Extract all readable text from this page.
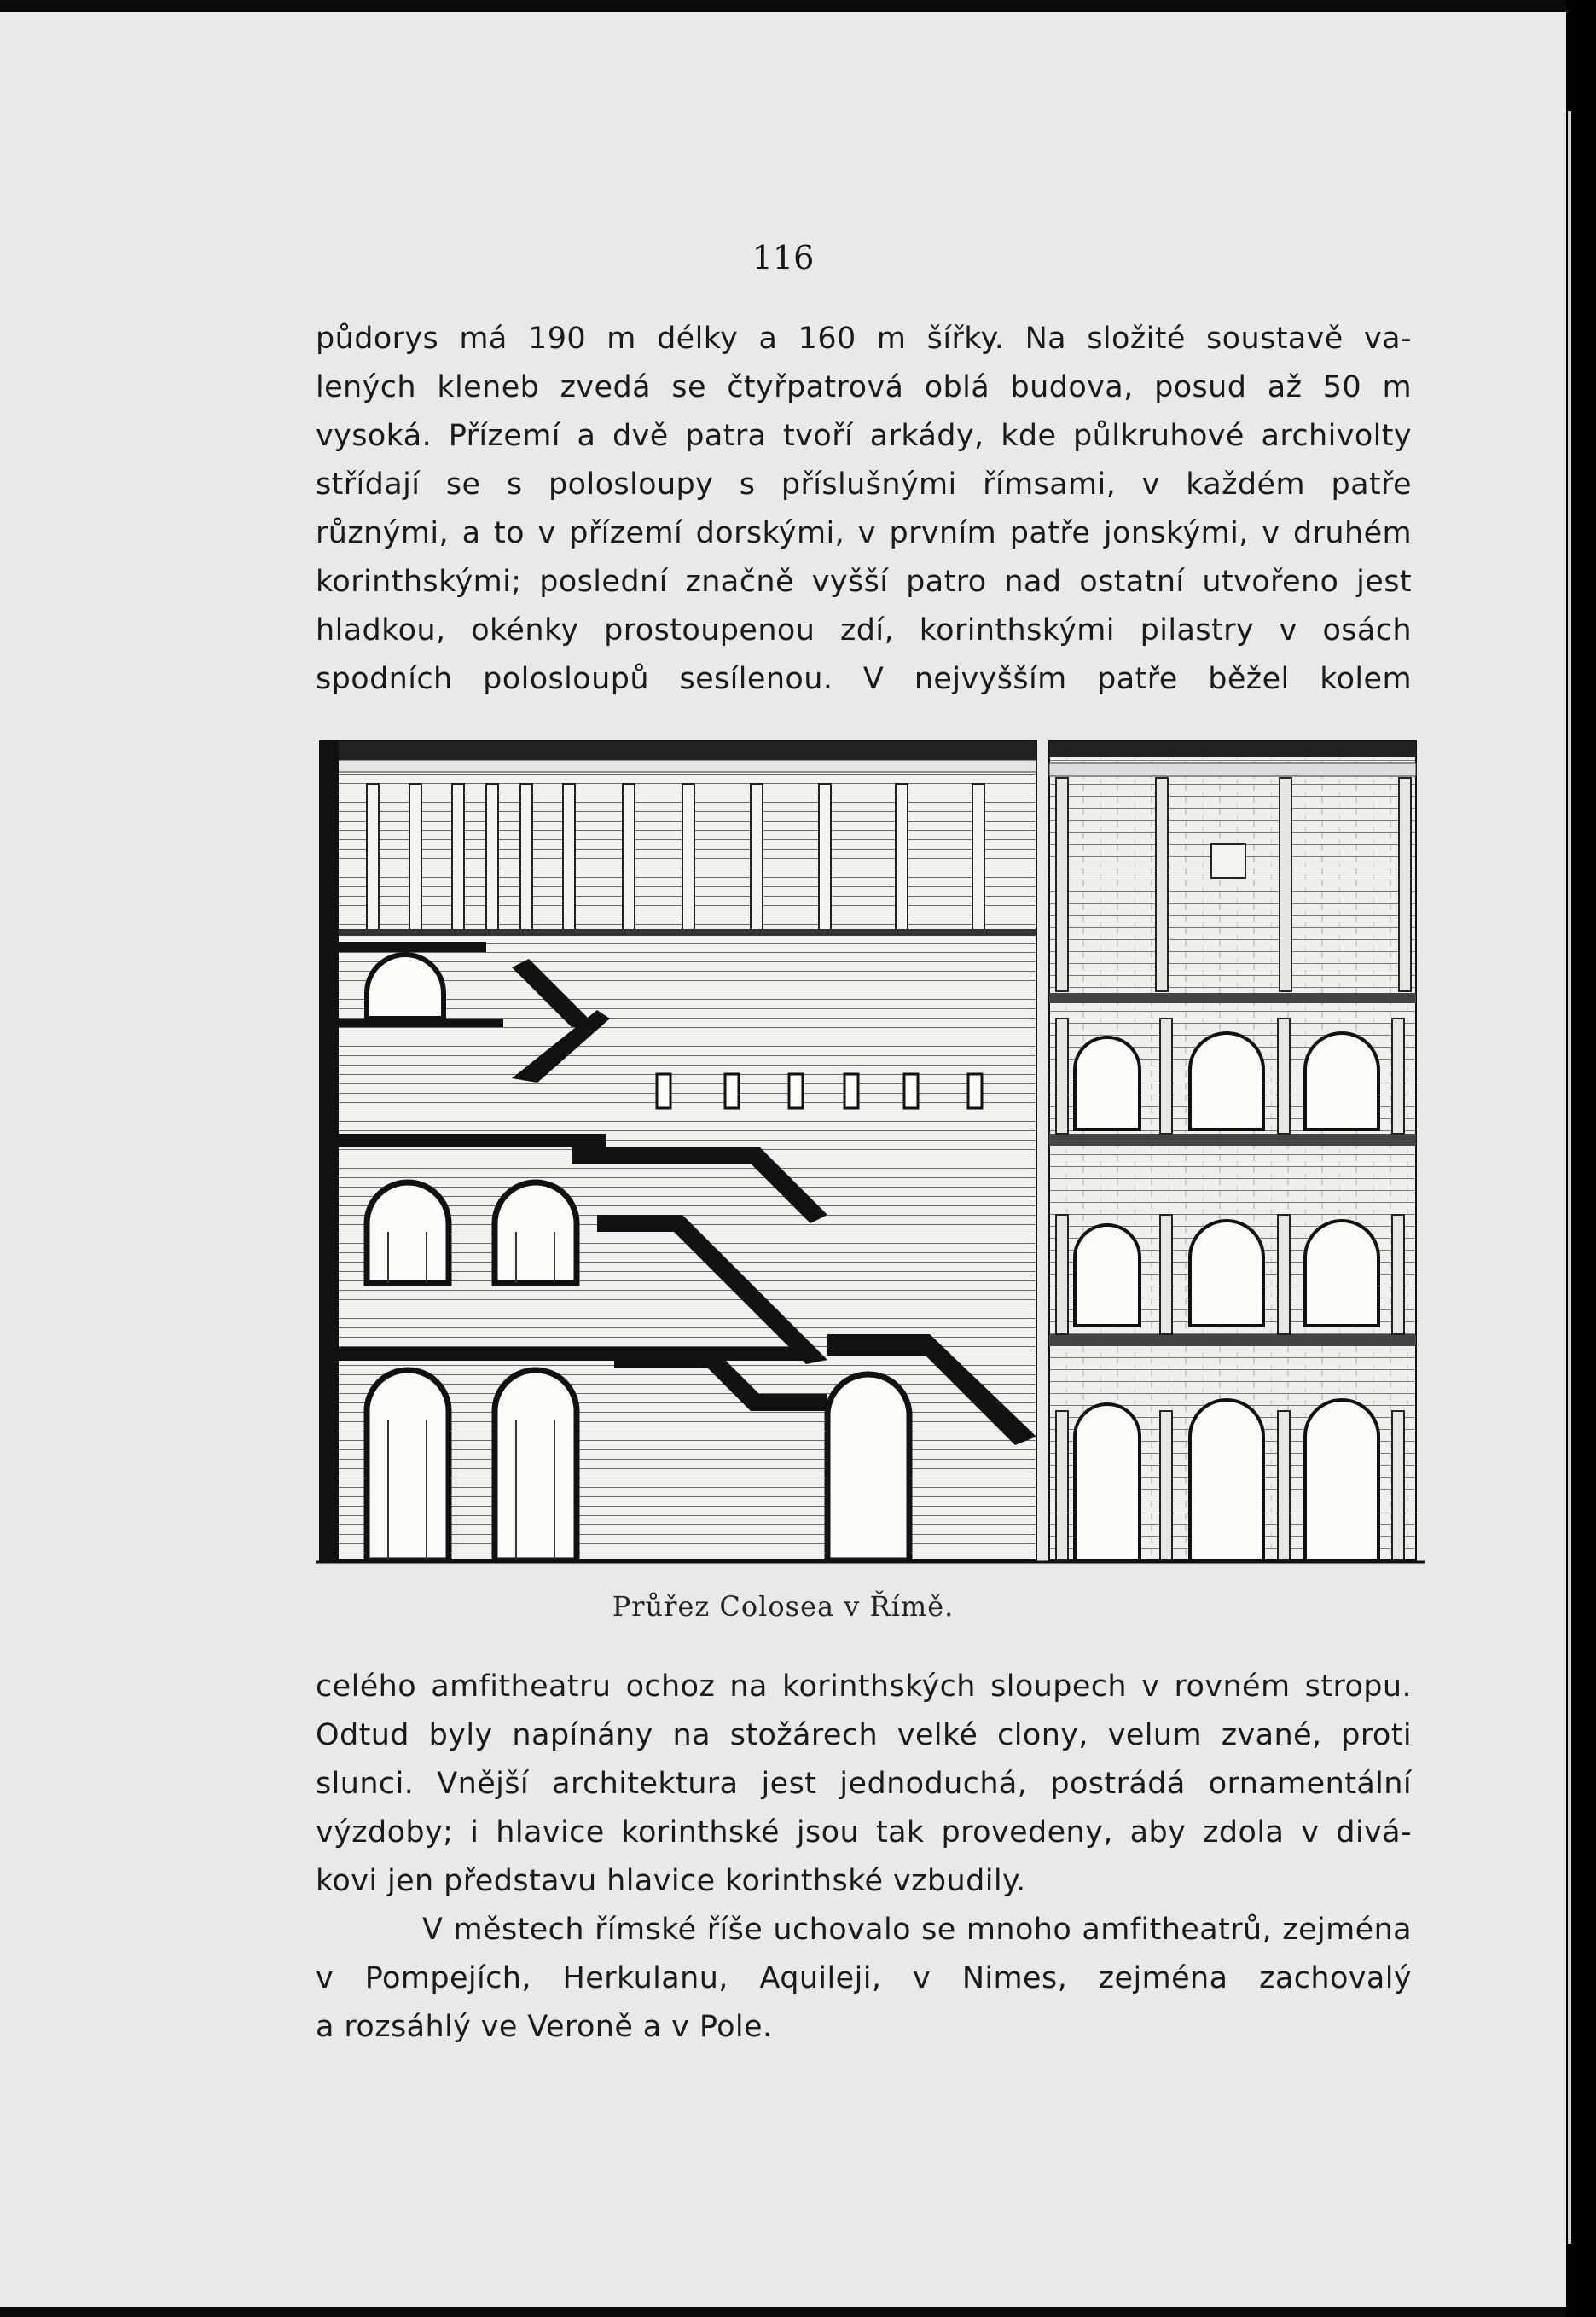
116
půdorys má 190 m délky a 160 m šířky. Na složité soustavě va-
lených kleneb zvedá se čtyřpatrová oblá budova, posud až 50 m
vysoká. Přízemí a dvě patra tvoří arkády, kde půlkruhové archivolty
střídají se s polosloupy s příslušnými římsami, v každém patře
různými, a to v přízemí dorskými, v prvním patře jonskými, v druhém
korinthskými; poslední značně vyšší patro nad ostatní utvořeno jest
hladkou, okénky prostoupenou zdí, korinthskými pilastry v osách
spodních polosloupů sesílenou. V nejvyšším patře běžel kolem
Průřez Colosea v Římě.
celého amfitheatru ochoz na korinthských sloupech v rovném stropu.
Odtud byly napínány na stožárech velké clony, velum zvané, proti
slunci. Vnější architektura jest jednoduchá, postrádá ornamentální
výzdoby; i hlavice korinthské jsou tak provedeny, aby zdola v divá-
kovi jen představu hlavice korinthské vzbudily.
V městech římské říše uchovalo se mnoho amfitheatrů, zejména
v Pompejích, Herkulanu, Aquileji, v Nimes, zejména zachovalý
a rozsáhlý ve Veroně a v Pole.
